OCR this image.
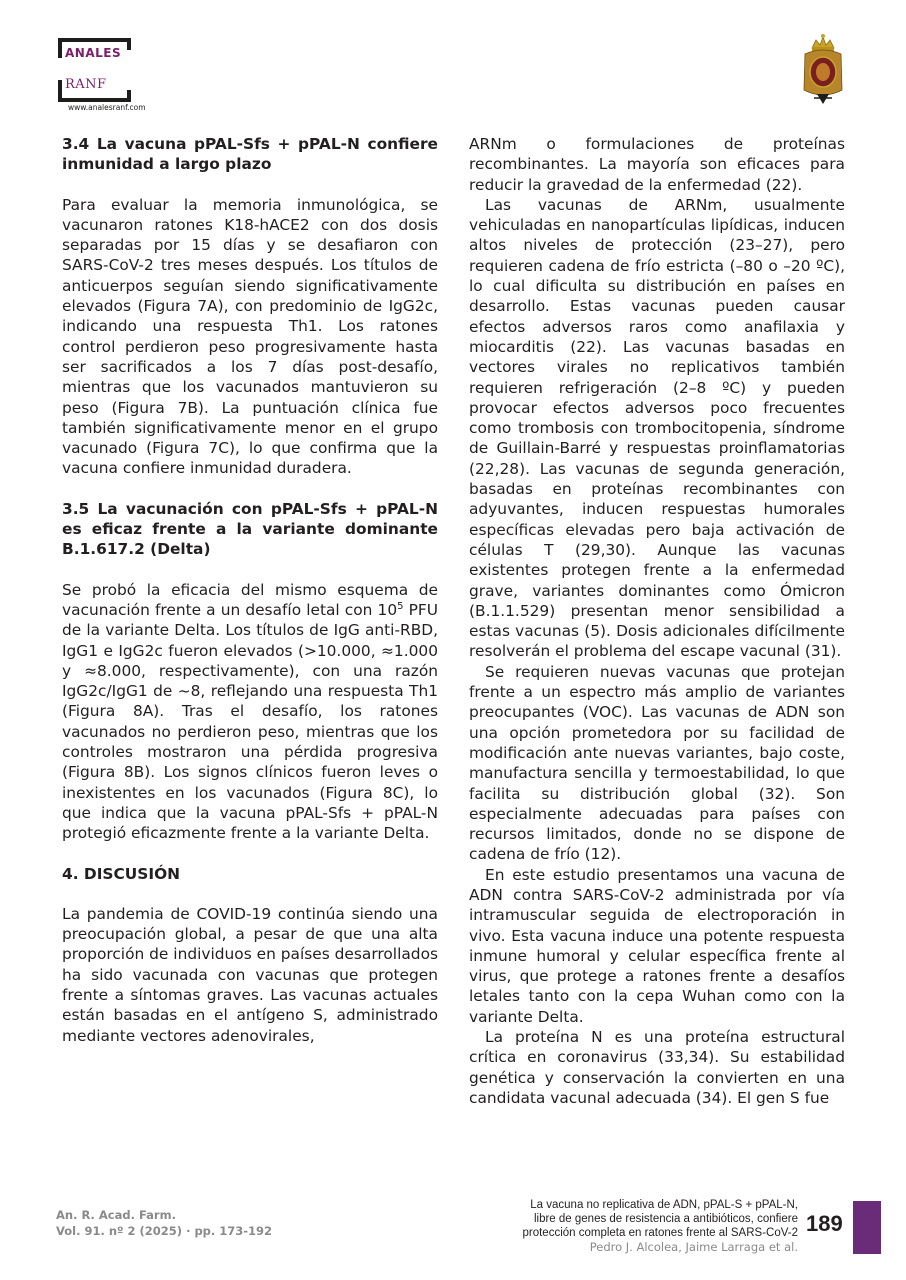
ANALES
RANF
www.analesranf.com
3.4 La vacuna pPAL-Sfs + pPAL-N confiere inmunidad a largo plazo

Para evaluar la memoria inmunológica, se vacunaron ratones K18-hACE2 con dos dosis separadas por 15 días y se desafiaron con SARS-CoV-2 tres meses después. Los títulos de anticuerpos seguían siendo significativamente elevados (Figura 7A), con predominio de IgG2c, indicando una respuesta Th1. Los ratones control perdieron peso progresivamente hasta ser sacrificados a los 7 días post-desafío, mientras que los vacunados mantuvieron su peso (Figura 7B). La puntuación clínica fue también significativamente menor en el grupo vacunado (Figura 7C), lo que confirma que la vacuna confiere inmunidad duradera.

3.5 La vacunación con pPAL-Sfs + pPAL-N es eficaz frente a la variante dominante B.1.617.2 (Delta)

Se probó la eficacia del mismo esquema de vacunación frente a un desafío letal con $10^5$ PFU de la variante Delta. Los títulos de IgG anti-RBD, IgG1 e IgG2c fueron elevados (>10.000, ≈1.000 y ≈8.000, respectivamente), con una razón IgG2c/IgG1 de ~8, reflejando una respuesta Th1 (Figura 8A). Tras el desafío, los ratones vacunados no perdieron peso, mientras que los controles mostraron una pérdida progresiva (Figura 8B). Los signos clínicos fueron leves o inexistentes en los vacunados (Figura 8C), lo que indica que la vacuna pPAL-Sfs + pPAL-N protegió eficazmente frente a la variante Delta.

4. DISCUSIÓN

La pandemia de COVID-19 continúa siendo una preocupación global, a pesar de que una alta proporción de individuos en países desarrollados ha sido vacunada con vacunas que protegen frente a síntomas graves. Las vacunas actuales están basadas en el antígeno S, administrado mediante vectores adenovirales,

ARNm o formulaciones de proteínas recombinantes. La mayoría son eficaces para reducir la gravedad de la enfermedad (22).

Las vacunas de ARNm, usualmente vehiculadas en nanopartículas lipídicas, inducen altos niveles de protección (23–27), pero requieren cadena de frío estricta (–80 o –20 ºC), lo cual dificulta su distribución en países en desarrollo. Estas vacunas pueden causar efectos adversos raros como anafilaxia y miocarditis (22). Las vacunas basadas en vectores virales no replicativos también requieren refrigeración (2–8 ºC) y pueden provocar efectos adversos poco frecuentes como trombosis con trombocitopenia, síndrome de Guillain-Barré y respuestas proinflamatorias (22,28). Las vacunas de segunda generación, basadas en proteínas recombinantes con adyuvantes, inducen respuestas humorales específicas elevadas pero baja activación de células T (29,30). Aunque las vacunas existentes protegen frente a la enfermedad grave, variantes dominantes como Ómicron (B.1.1.529) presentan menor sensibilidad a estas vacunas (5). Dosis adicionales difícilmente resolverán el problema del escape vacunal (31).

Se requieren nuevas vacunas que protejan frente a un espectro más amplio de variantes preocupantes (VOC). Las vacunas de ADN son una opción prometedora por su facilidad de modificación ante nuevas variantes, bajo coste, manufactura sencilla y termoestabilidad, lo que facilita su distribución global (32). Son especialmente adecuadas para países con recursos limitados, donde no se dispone de cadena de frío (12).

En este estudio presentamos una vacuna de ADN contra SARS-CoV-2 administrada por vía intramuscular seguida de electroporación in vivo. Esta vacuna induce una potente respuesta inmune humoral y celular específica frente al virus, que protege a ratones frente a desafíos letales tanto con la cepa Wuhan como con la variante Delta.

La proteína N es una proteína estructural crítica en coronavirus (33,34). Su estabilidad genética y conservación la convierten en una candidata vacunal adecuada (34). El gen S fue

An. R. Acad. Farm.
Vol. 91. nº 2 (2025) · pp. 173-192
La vacuna no replicativa de ADN, pPAL-S + pPAL-N,
libre de genes de resistencia a antibióticos, confiere
protección completa en ratones frente al SARS-CoV-2
Pedro J. Alcolea, Jaime Larraga et al.
189
